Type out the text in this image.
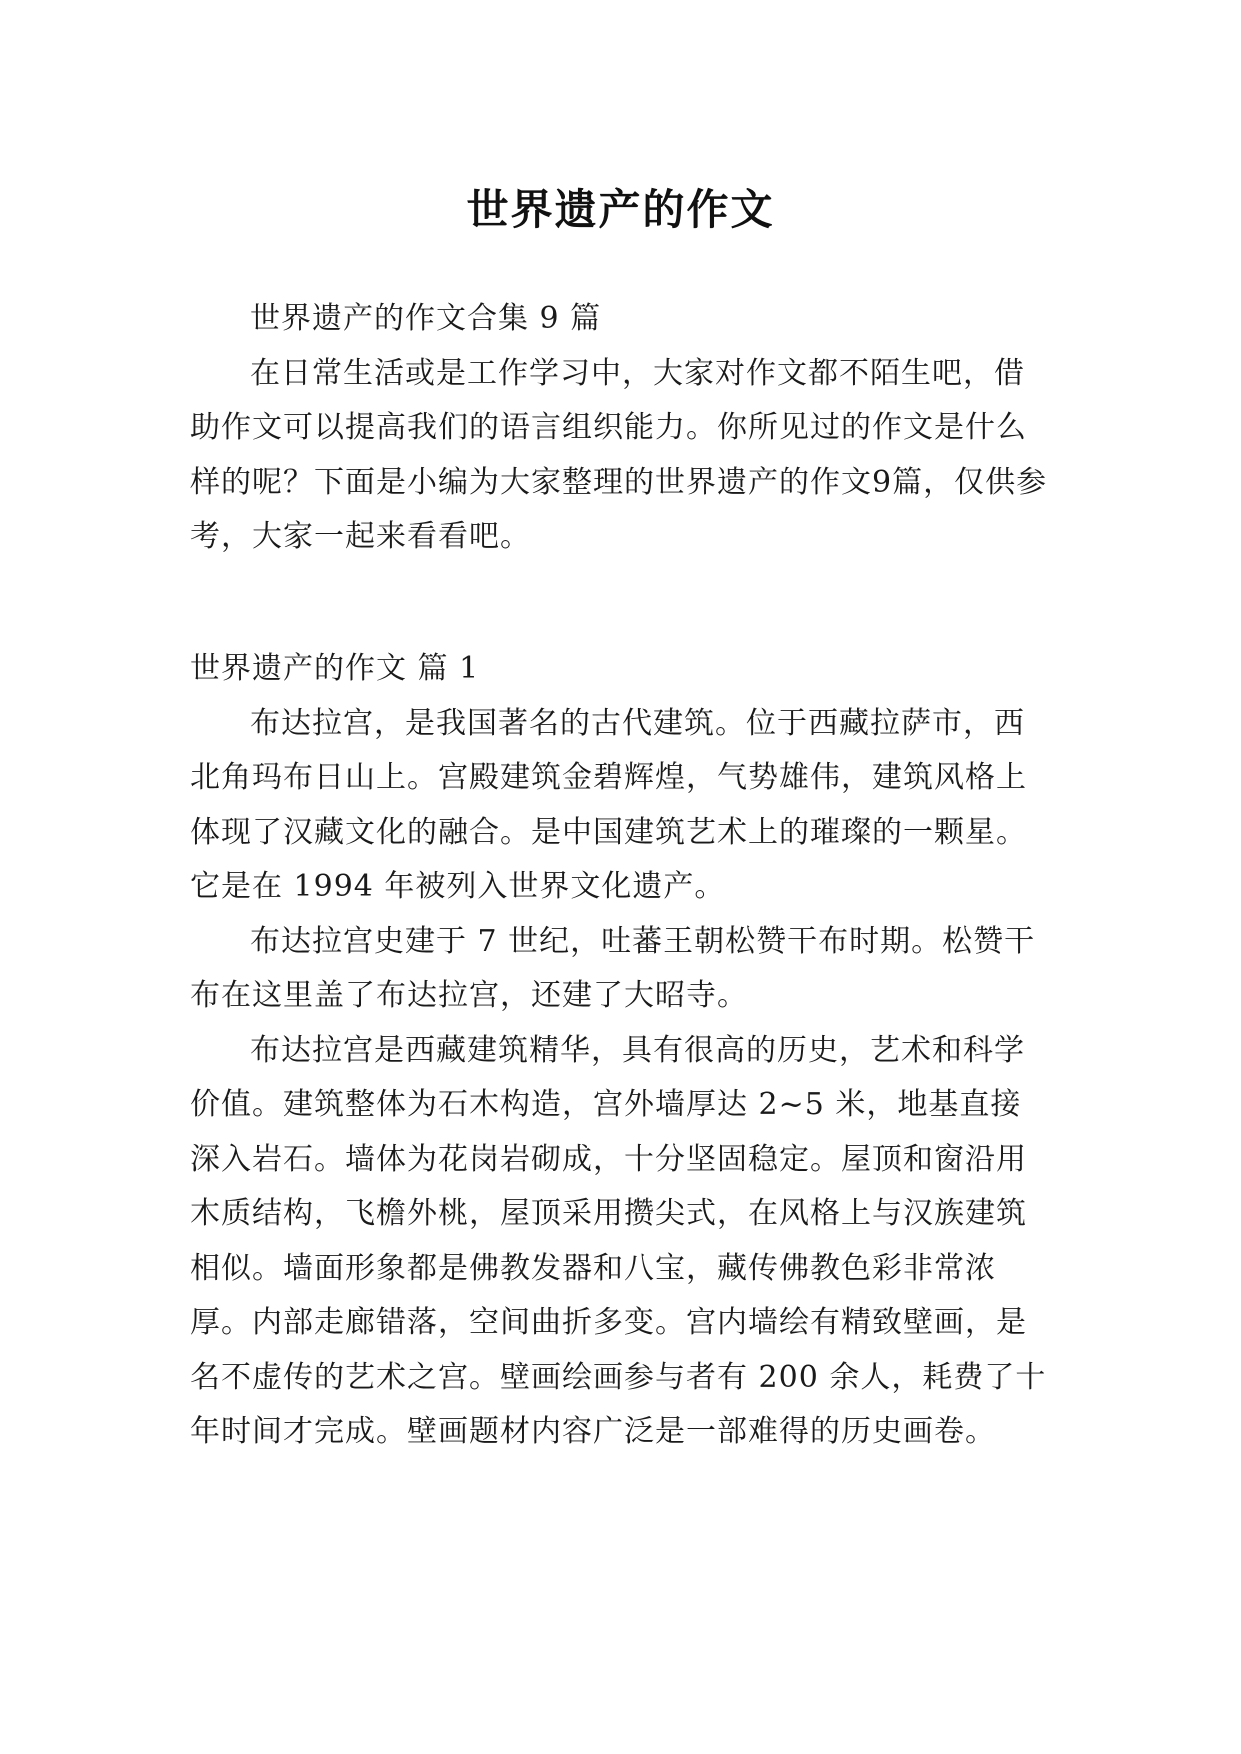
世界遗产的作文

世界遗产的作文合集 9 篇

在日常生活或是工作学习中，大家对作文都不陌生吧，借助作文可以提高我们的语言组织能力。你所见过的作文是什么样的呢？下面是小编为大家整理的世界遗产的作文9篇，仅供参考，大家一起来看看吧。

世界遗产的作文 篇 1

布达拉宫，是我国著名的古代建筑。位于西藏拉萨市，西北角玛布日山上。宫殿建筑金碧辉煌，气势雄伟，建筑风格上体现了汉藏文化的融合。是中国建筑艺术上的璀璨的一颗星。它是在 1994 年被列入世界文化遗产。

布达拉宫史建于 7 世纪，吐蕃王朝松赞干布时期。松赞干布在这里盖了布达拉宫，还建了大昭寺。

布达拉宫是西藏建筑精华，具有很高的历史，艺术和科学价值。建筑整体为石木构造，宫外墙厚达 2~5 米，地基直接深入岩石。墙体为花岗岩砌成，十分坚固稳定。屋顶和窗沿用木质结构，飞檐外桃，屋顶采用攒尖式，在风格上与汉族建筑相似。墙面形象都是佛教发器和八宝，藏传佛教色彩非常浓厚。内部走廊错落，空间曲折多变。宫内墙绘有精致壁画，是名不虚传的艺术之宫。壁画绘画参与者有 200 余人，耗费了十年时间才完成。壁画题材内容广泛是一部难得的历史画卷。
